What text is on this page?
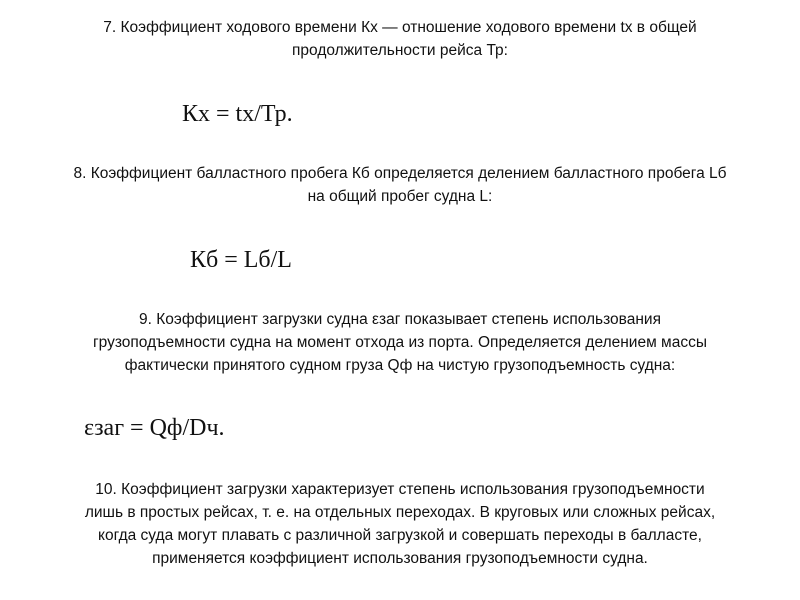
7. Коэффициент ходового времени Кх — отношение ходового времени tх в общей
продолжительности рейса Тр:

Кх = tх/Тр.

8. Коэффициент балластного пробега Кб определяется делением балластного пробега Lб
на общий пробег судна L:

Кб = Lб/L

9. Коэффициент загрузки судна εзаг показывает степень использования
грузоподъемности судна на момент отхода из порта. Определяется делением массы
фактически принятого судном груза Qф на чистую грузоподъемность судна:

εзаг = Qф/Dч.

10. Коэффициент загрузки характеризует степень использования грузоподъемности
лишь в простых рейсах, т. е. на отдельных переходах. В круговых или сложных рейсах,
когда суда могут плавать с различной загрузкой и совершать переходы в балласте,
применяется коэффициент использования грузоподъемности судна.
